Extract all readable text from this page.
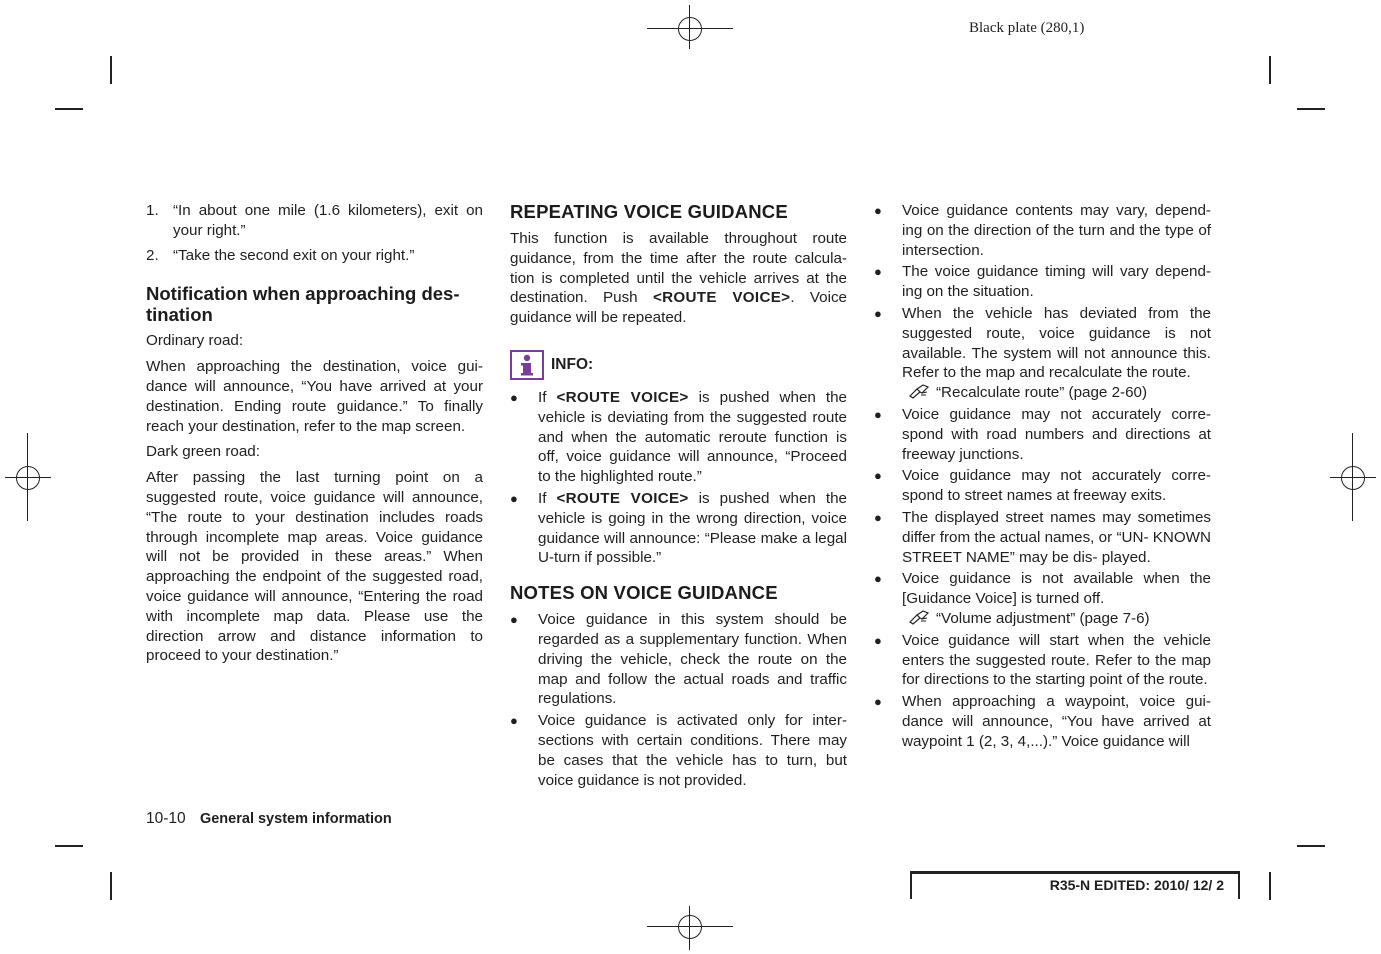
Black plate (280,1)
1. “In about one mile (1.6 kilometers), exit on your right.”
2. “Take the second exit on your right.”
Notification when approaching des- tination

Ordinary road:

When approaching the destination, voice gui- dance will announce, “You have arrived at your destination. Ending route guidance.” To finally reach your destination, refer to the map screen.

Dark green road:

After passing the last turning point on a suggested route, voice guidance will announce, “The route to your destination includes roads through incomplete map areas. Voice guidance will not be provided in these areas.” When approaching the endpoint of the suggested road, voice guidance will announce, “Entering the road with incomplete map data. Please use the direction arrow and distance information to proceed to your destination.”

REPEATING VOICE GUIDANCE

This function is available throughout route guidance, from the time after the route calcula- tion is completed until the vehicle arrives at the destination. Push <ROUTE VOICE>. Voice guidance will be repeated.

INFO:
●	If <ROUTE VOICE> is pushed when the vehicle is deviating from the suggested route and when the automatic reroute function is off, voice guidance will announce, “Proceed to the highlighted route.”
●	If <ROUTE VOICE> is pushed when the vehicle is going in the wrong direction, voice guidance will announce: “Please make a legal U-turn if possible.”
NOTES ON VOICE GUIDANCE
●	Voice guidance in this system should be regarded as a supplementary function. When driving the vehicle, check the route on the map and follow the actual roads and traffic regulations.
●	Voice guidance is activated only for inter- sections with certain conditions. There may be cases that the vehicle has to turn, but voice guidance is not provided.
●	Voice guidance contents may vary, depend- ing on the direction of the turn and the type of intersection.
●	The voice guidance timing will vary depend- ing on the situation.
●	When the vehicle has deviated from the suggested route, voice guidance is not available. The system will not announce this. Refer to the map and recalculate the route.
“Recalculate route” (page 2-60)
●	Voice guidance may not accurately corre- spond with road numbers and directions at freeway junctions.
●	Voice guidance may not accurately corre- spond to street names at freeway exits.
●	The displayed street names may sometimes differ from the actual names, or “UN- KNOWN STREET NAME” may be dis- played.
●	Voice guidance is not available when the [Guidance Voice] is turned off.
“Volume adjustment” (page 7-6)
●	Voice guidance will start when the vehicle enters the suggested route. Refer to the map for directions to the starting point of the route.
●	When approaching a waypoint, voice gui- dance will announce, “You have arrived at waypoint 1 (2, 3, 4,...).” Voice guidance will
10-10 General system information
R35-N EDITED: 2010/ 12/ 2
